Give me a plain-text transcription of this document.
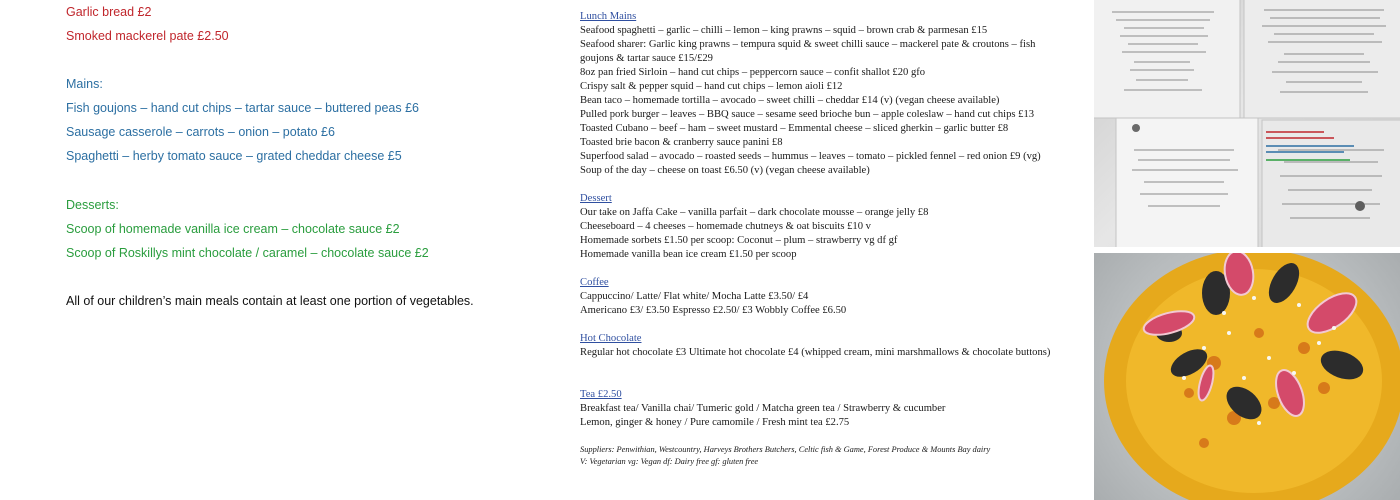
Garlic bread £2
Smoked mackerel pate £2.50
Mains:
Fish goujons – hand cut chips – tartar sauce – buttered peas £6
Sausage casserole – carrots – onion – potato £6
Spaghetti – herby tomato sauce – grated cheddar cheese £5
Desserts:
Scoop of homemade vanilla ice cream – chocolate sauce £2
Scoop of Roskillys mint chocolate / caramel – chocolate sauce £2
All of our children’s main meals contain at least one portion of vegetables.
Lunch Mains
Seafood spaghetti – garlic – chilli – lemon – king prawns – squid – brown crab & parmesan £15
Seafood sharer: Garlic king prawns – tempura squid & sweet chilli sauce – mackerel pate & croutons – fish goujons & tartar sauce £15/£29
8oz pan fried Sirloin – hand cut chips – peppercorn sauce – confit shallot £20 gfo
Crispy salt & pepper squid – hand cut chips – lemon aioli £12
Bean taco – homemade tortilla – avocado – sweet chilli – cheddar £14 (v) (vegan cheese available)
Pulled pork burger – leaves – BBQ sauce – sesame seed brioche bun – apple coleslaw – hand cut chips £13
Toasted Cubano – beef – ham – sweet mustard – Emmental cheese – sliced gherkin – garlic butter £8
Toasted brie bacon & cranberry sauce panini £8
Superfood salad – avocado – roasted seeds – hummus – leaves – tomato – pickled fennel – red onion £9 (vg)
Soup of the day – cheese on toast £6.50 (v) (vegan cheese available)
Dessert
Our take on Jaffa Cake – vanilla parfait – dark chocolate mousse – orange jelly £8
Cheeseboard – 4 cheeses – homemade chutneys & oat biscuits £10 v
Homemade sorbets £1.50 per scoop: Coconut – plum – strawberry vg df gf
Homemade vanilla bean ice cream £1.50 per scoop
Coffee
Cappuccino/ Latte/ Flat white/ Mocha Latte £3.50/ £4
Americano £3/ £3.50 Espresso £2.50/ £3 Wobbly Coffee £6.50
Hot Chocolate
Regular hot chocolate £3 Ultimate hot chocolate £4 (whipped cream, mini marshmallows & chocolate buttons)
Tea £2.50
Breakfast tea/ Vanilla chai/ Tumeric gold / Matcha green tea / Strawberry & cucumber
Lemon, ginger & honey / Pure camomile / Fresh mint tea £2.75
Suppliers: Penwithian, Westcountry, Harveys Brothers Butchers, Celtic fish & Game, Forest Produce & Mounts Bay dairy
V: Vegetarian vg: Vegan df: Dairy free gf: gluten free
